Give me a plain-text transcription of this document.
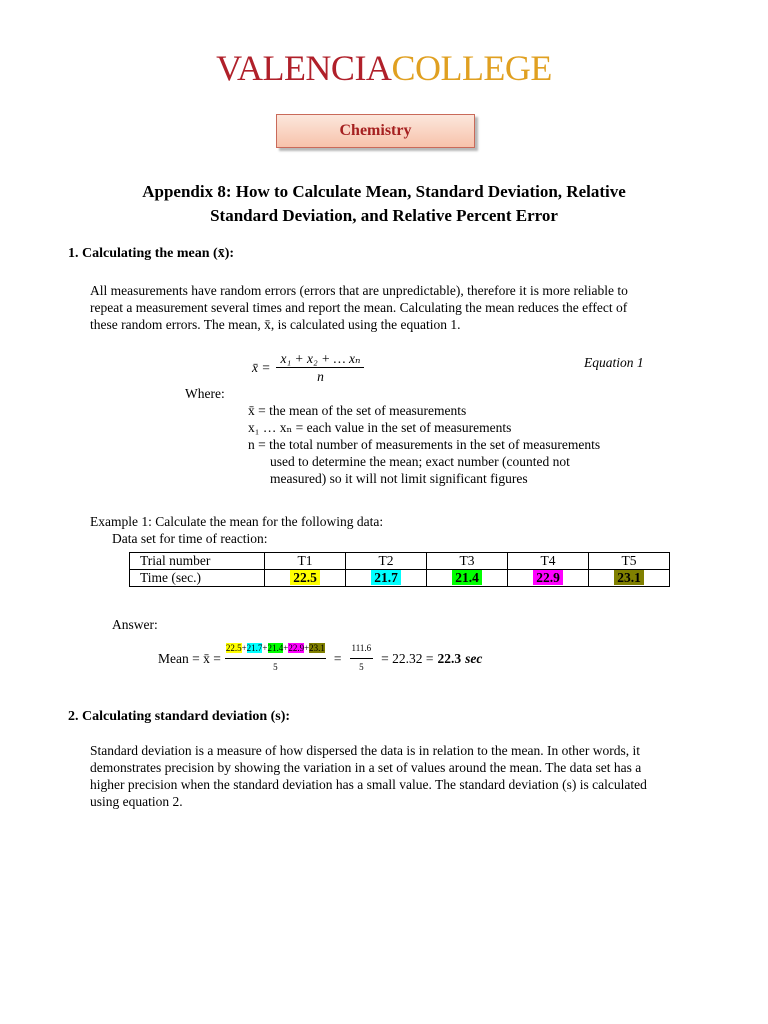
VALENCIACOLLEGE
Chemistry
Appendix 8: How to Calculate Mean, Standard Deviation, Relative
Standard Deviation, and Relative Percent Error
1. Calculating the mean (x̄):
All measurements have random errors (errors that are unpredictable), therefore it is more reliable to
repeat a measurement several times and report the mean. Calculating the mean reduces the effect of
these random errors. The mean, x̄, is calculated using the equation 1.
x̄ = $\frac{\text{x₁ + x₂ + … xₙ}}{n}$	Equation 1
Where:
x̄ = the mean of the set of measurements
x₁ … xₙ = each value in the set of measurements
n = the total number of measurements in the set of measurements
used to determine the mean; exact number (counted not
measured) so it will not limit significant figures
Example 1: Calculate the mean for the following data:
Data set for time of reaction:
Trial number	T1	T2	T3	T4	T5
Time (sec.)	22.5	21.7	21.4	22.9	23.1
Answer:
Mean = x̄ = $\frac{22.5+21.7+21.4+22.9+23.1}{5} = \frac{111.6}{5} = 22.32 = 22.3$ sec
2. Calculating standard deviation (s):
Standard deviation is a measure of how dispersed the data is in relation to the mean. In other words, it
demonstrates precision by showing the variation in a set of values around the mean. The data set has a
higher precision when the standard deviation has a small value. The standard deviation (s) is calculated
using equation 2.
